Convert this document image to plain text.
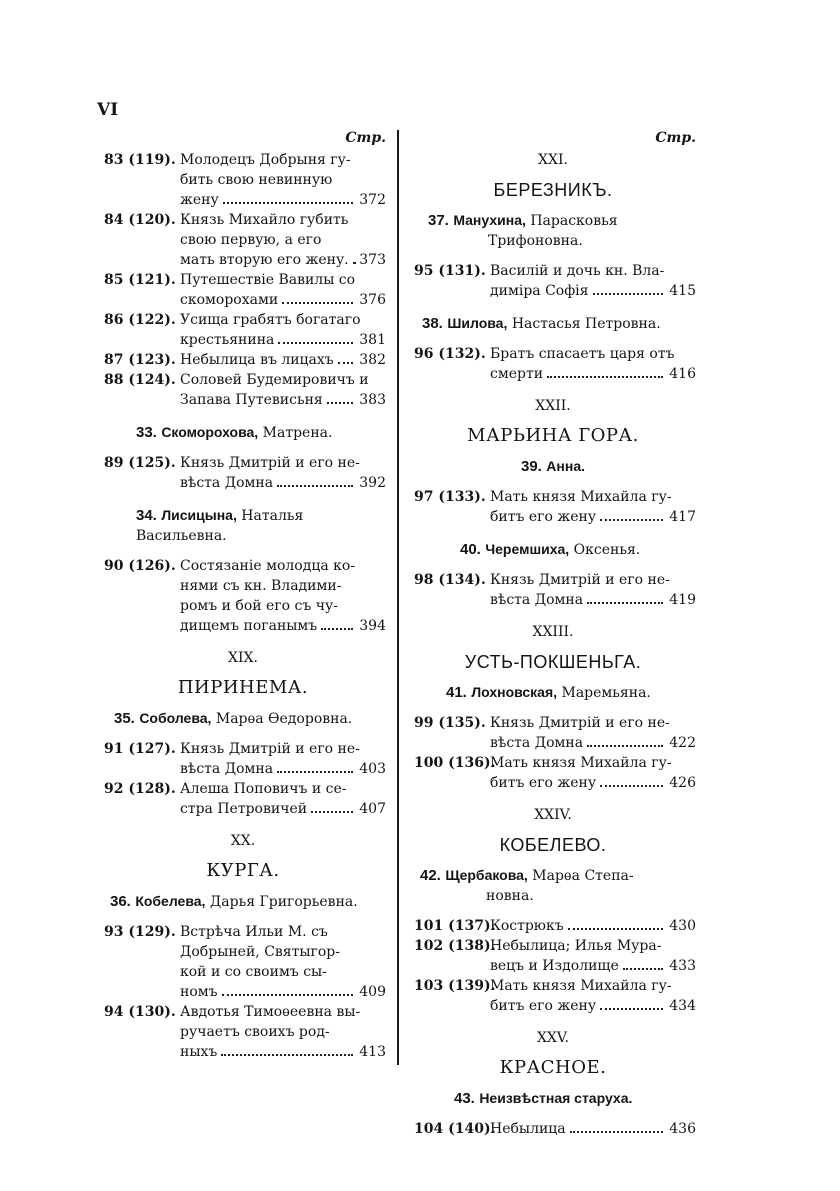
VI
Стр.
83 (119). Молодецъ Добрыня гу-
бить свою невинную
жену	372
84 (120). Князь Михайло губить
свою первую, а его
мать вторую его жену. 373
85 (121). Путешествіе Вавилы со
скоморохами	376
86 (122). Усища грабятъ богатаго
крестьянина	381
87 (123). Небылица въ лицахъ 382
88 (124). Соловей Будемировичъ и
Запава Путевисьня	383
33. Скоморохова, Матрена.
89 (125). Князь Дмитрій и его не-
вѣста Домна	392
34. Лисицына, Наталья
Васильевна.
90 (126). Состязаніе молодца ко-
нями съ кн. Владими-
ромъ и бой его съ чу-
дищемъ поганымъ	394
XIX.
ПИРИНЕМА.
35. Соболева, Марѳа Ѳедоровна.
91 (127). Князь Дмитрій и его не-
вѣста Домна	403
92 (128). Алеша Поповичъ и се-
стра Петровичей	407
XX.
КУРГА.
36. Кобелева, Дарья Григорьевна.
93 (129). Встрѣча Ильи М. съ
Добрыней, Святыгор-
кой и со своимъ сы-
номъ	409
94 (130). Авдотья Тимоѳеевна вы-
ручаетъ своихъ род-
ныхъ	413
Стр.
XXI.
БЕРЕЗНИКЪ.
37. Манухина, Парасковья
Трифоновна.
95 (131). Василій и дочь кн. Вла-
диміра Софія	415
38. Шилова, Настасья Петровна.
96 (132). Братъ спасаетъ царя отъ
смерти	416
XXII.
МАРЬИНА ГОРА.
39. Анна.
97 (133). Мать князя Михайла гу-
битъ его жену	417
40. Черемшиха, Оксенья.
98 (134). Князь Дмитрій и его не-
вѣста Домна	419
XXIII.
УСТЬ-ПОКШЕНЬГА.
41. Лохновская, Маремьяна.
99 (135). Князь Дмитрій и его не-
вѣста Домна	422
100 (136).
Мать князя Михайла гу-
битъ его жену	426
XXIV.
КОБЕЛЕВО.
42. Щербакова, Марѳа Степа-
новна.
101 (137).
Кострюкъ	430
102 (138).
Небылица; Илья Мура-
вецъ и Издолище	433
103 (139).
Мать князя Михайла гу-
битъ его жену	434
XXV.
КРАСНОЕ.
43. Неизвѣстная старуха.
104 (140).
Небылица	436
